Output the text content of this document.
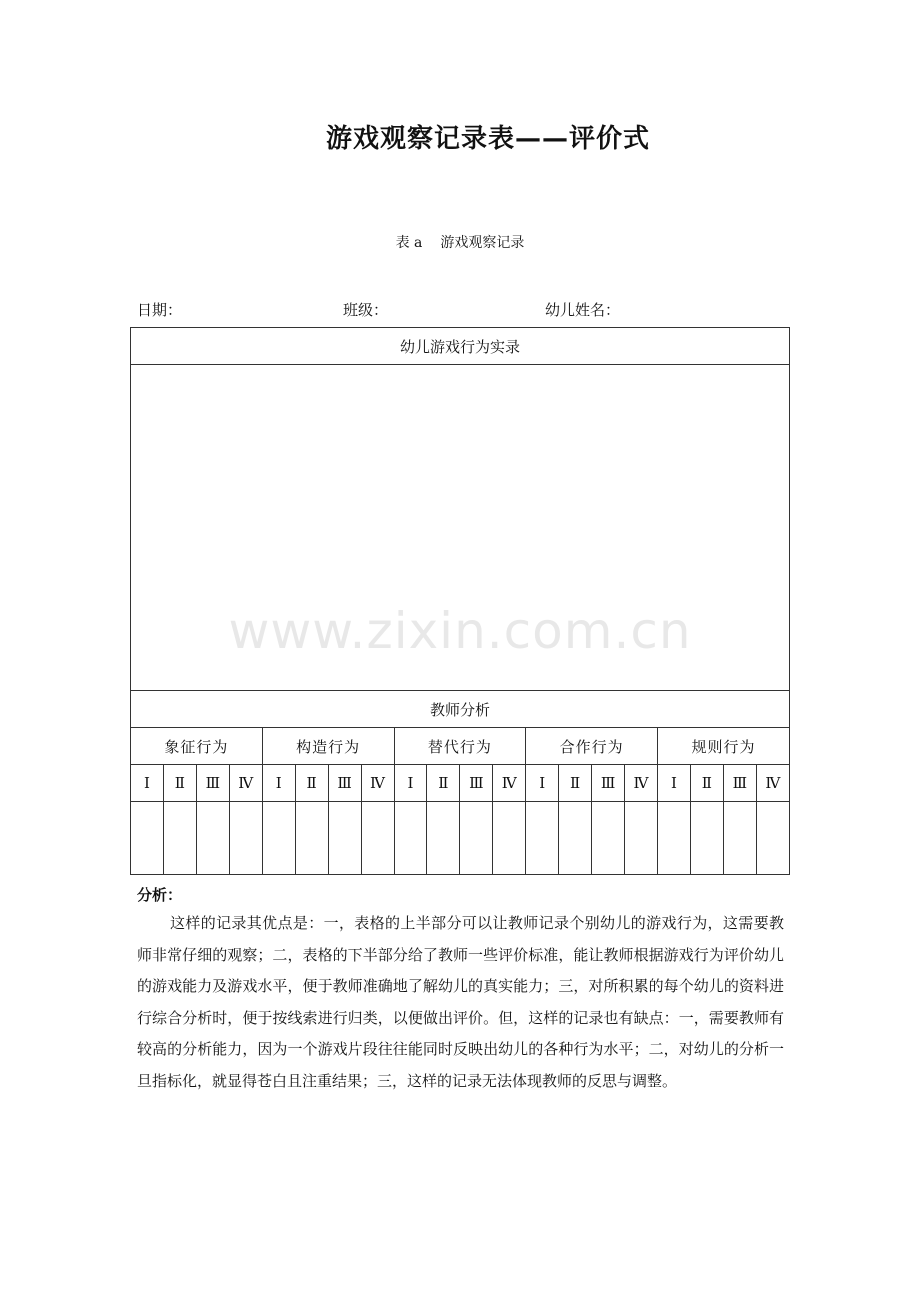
游戏观察记录表——评价式
表 a 游戏观察记录
日期：	班级：	幼儿姓名：
幼儿游戏行为实录																			

教师分析																			
象征行为				构造行为				替代行为				合作行为				规则行为			
Ⅰ	Ⅱ	Ⅲ	Ⅳ	Ⅰ	Ⅱ	Ⅲ	Ⅳ	Ⅰ	Ⅱ	Ⅲ	Ⅳ	Ⅰ	Ⅱ	Ⅲ	Ⅳ	Ⅰ	Ⅱ	Ⅲ	Ⅳ

www.zixin.com.cn
分析：

这样的记录其优点是：一，表格的上半部分可以让教师记录个别幼儿的游戏行为，这需要教师非常仔细的观察；二，表格的下半部分给了教师一些评价标准，能让教师根据游戏行为评价幼儿的游戏能力及游戏水平，便于教师准确地了解幼儿的真实能力；三，对所积累的每个幼儿的资料进行综合分析时，便于按线索进行归类，以便做出评价。但，这样的记录也有缺点：一，需要教师有较高的分析能力，因为一个游戏片段往往能同时反映出幼儿的各种行为水平；二，对幼儿的分析一旦指标化，就显得苍白且注重结果；三，这样的记录无法体现教师的反思与调整。
